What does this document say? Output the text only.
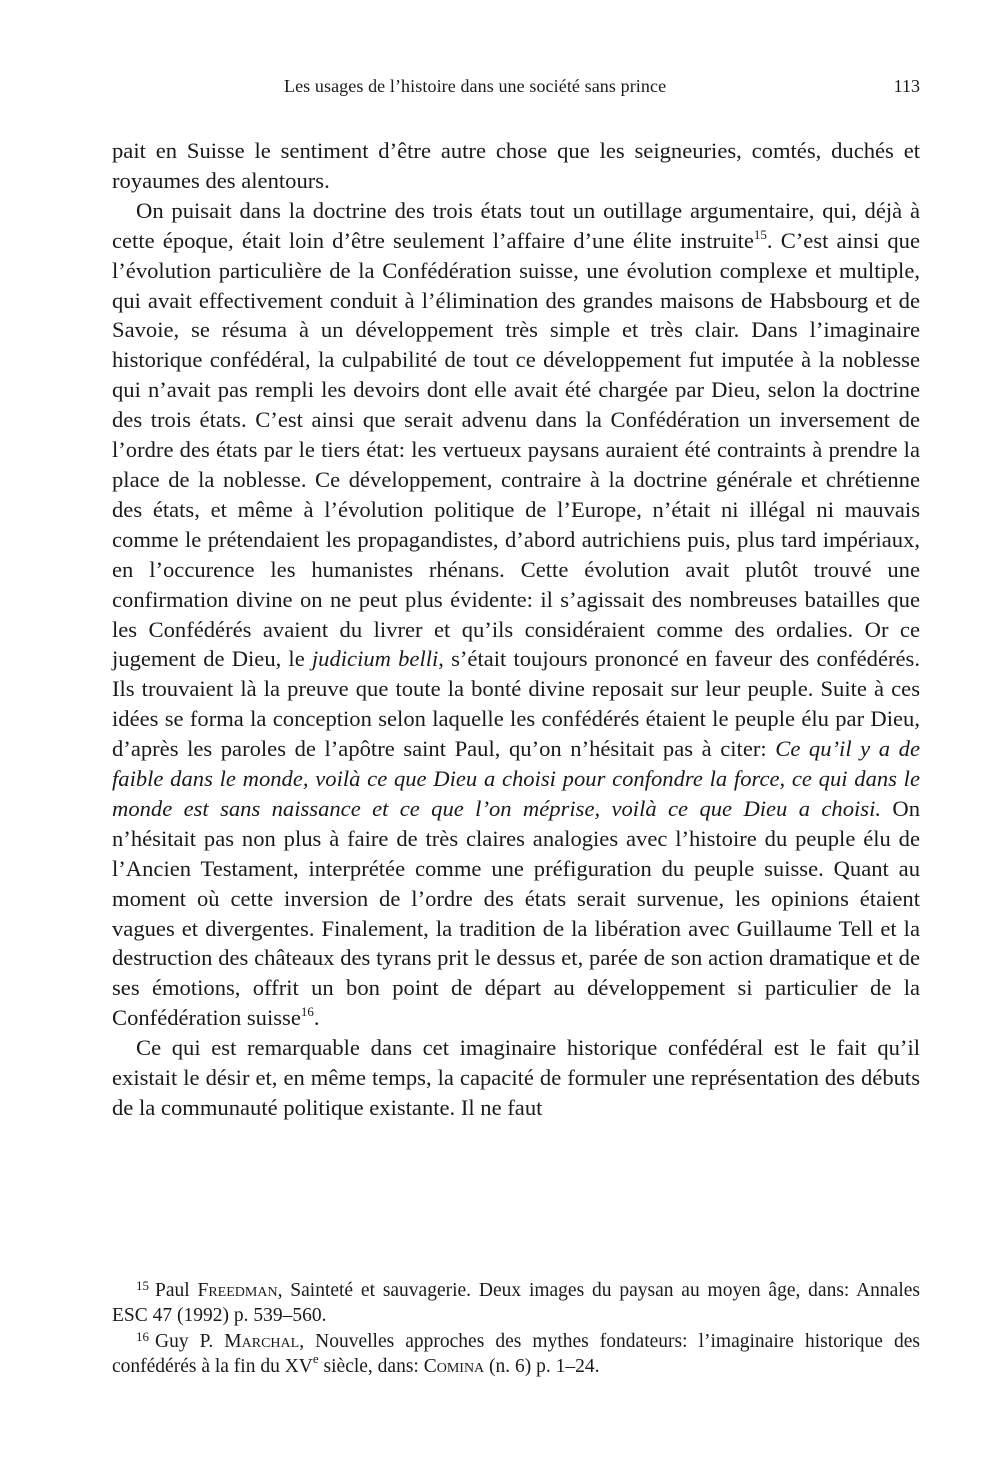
Les usages de l’histoire dans une société sans prince	113

pait en Suisse le sentiment d’être autre chose que les seigneuries, comtés, duchés et royaumes des alentours.

On puisait dans la doctrine des trois états tout un outillage argumentaire, qui, déjà à cette époque, était loin d’être seulement l’affaire d’une élite instruite$^{15}$. C’est ainsi que l’évolution particulière de la Confédération suisse, une évolution complexe et multiple, qui avait effectivement conduit à l’élimination des grandes maisons de Habsbourg et de Savoie, se résuma à un développement très simple et très clair. Dans l’imaginaire historique confédéral, la culpabilité de tout ce développement fut imputée à la noblesse qui n’avait pas rempli les devoirs dont elle avait été chargée par Dieu, selon la doctrine des trois états. C’est ainsi que serait advenu dans la Confédération un inversement de l’ordre des états par le tiers état: les vertueux paysans auraient été contraints à prendre la place de la noblesse. Ce développement, contraire à la doctrine générale et chrétienne des états, et même à l’évolution politique de l’Europe, n’était ni illégal ni mauvais comme le prétendaient les propagandistes, d’abord autrichiens puis, plus tard impériaux, en l’occurence les humanistes rhénans. Cette évolution avait plutôt trouvé une confirmation divine on ne peut plus évidente: il s’agissait des nombreuses batailles que les Confédérés avaient du livrer et qu’ils considéraient comme des ordalies. Or ce jugement de Dieu, le judicium belli, s’était toujours prononcé en faveur des confédérés. Ils trouvaient là la preuve que toute la bonté divine reposait sur leur peuple. Suite à ces idées se forma la conception selon laquelle les confédérés étaient le peuple élu par Dieu, d’après les paroles de l’apôtre saint Paul, qu’on n’hésitait pas à citer: Ce qu’il y a de faible dans le monde, voilà ce que Dieu a choisi pour confondre la force, ce qui dans le monde est sans naissance et ce que l’on méprise, voilà ce que Dieu a choisi. On n’hésitait pas non plus à faire de très claires analogies avec l’histoire du peuple élu de l’Ancien Testament, interprétée comme une préfiguration du peuple suisse. Quant au moment où cette inversion de l’ordre des états serait survenue, les opinions étaient vagues et divergentes. Finalement, la tradition de la libération avec Guillaume Tell et la destruction des châteaux des tyrans prit le dessus et, parée de son action dramatique et de ses émotions, offrit un bon point de départ au développement si particulier de la Confédération suisse$^{16}$.

Ce qui est remarquable dans cet imaginaire historique confédéral est le fait qu’il existait le désir et, en même temps, la capacité de formuler une représentation des débuts de la communauté politique existante. Il ne faut

$^{15}$ Paul Freedman, Sainteté et sauvagerie. Deux images du paysan au moyen âge, dans: Annales ESC 47 (1992) p. 539–560.

$^{16}$ Guy P. Marchal, Nouvelles approches des mythes fondateurs: l’imaginaire historique des confédérés à la fin du XVe siècle, dans: Comina (n. 6) p. 1–24.
